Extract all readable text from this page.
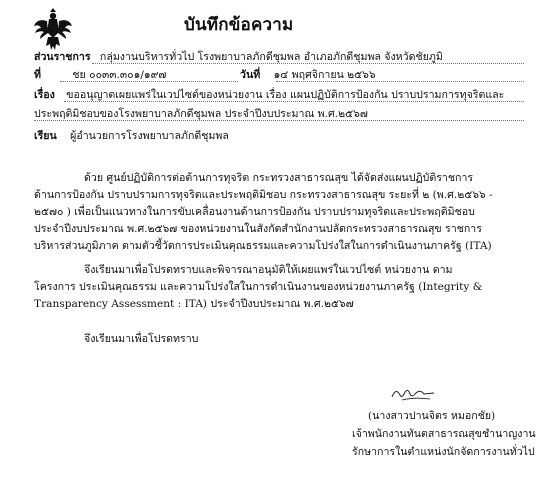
บันทึกข้อความ
ส่วนราชการ กลุ่มงานบริหารทั่วไป โรงพยาบาลภักดีชุมพล อำเภอภักดีชุมพล จังหวัดชัยภูมิ
ที่	ชย ๐๐๓๓.๓๐๑/๑๙๗	วันที่ ๑๔ พฤศจิกายน ๒๕๖๖
เรื่อง ขออนุญาตเผยแพร่ในเวปไซต์ของหน่วยงาน เรื่อง แผนปฏิบัติการป้องกัน ปราบปรามการทุจริตและ
ประพฤติมิชอบของโรงพยาบาลภักดีชุมพล ประจำปีงบประมาณ พ.ศ.๒๕๖๗
เรียน ผู้อำนวยการโรงพยาบาลภักดีชุมพล
ด้วย ศูนย์ปฏิบัติการต่อต้านการทุจริต กระทรวงสาธารณสุข ได้จัดส่งแผนปฏิบัติราชการ
ด้านการป้องกัน ปราบปรามการทุจริตและประพฤติมิชอบ กระทรวงสาธารณสุข ระยะที่ ๒ (พ.ศ.๒๕๖๖ -
๒๕๗๐ ) เพื่อเป็นแนวทางในการขับเคลื่อนงานด้านการป้องกัน ปราบปรามทุจริตและประพฤติมิชอบ
ประจำปีงบประมาณ พ.ศ.๒๕๖๗ ของหน่วยงานในสังกัดสำนักงานปลัดกระทรวงสาธารณสุข ราชการ
บริหารส่วนภูมิภาค ตามตัวชี้วัดการประเมินคุณธรรมและความโปร่งใสในการดำเนินงานภาครัฐ (ITA)
จึงเรียนมาเพื่อโปรดทราบและพิจารณาอนุมัติให้เผยแพร่ในเวปไซต์ หน่วยงาน ตาม
โครงการ ประเมินคุณธรรม และความโปร่งใสในการดำเนินงานของหน่วยงานภาครัฐ (Integrity &
Transparency Assessment : ITA) ประจำปีงบประมาณ พ.ศ.๒๕๖๗
จึงเรียนมาเพื่อโปรดทราบ
(นางสาวปานจิตร หมอกชัย)
เจ้าพนักงานทันตสาธารณสุขชำนาญงาน
รักษาการในตำแหน่งนักจัดการงานทั่วไป
